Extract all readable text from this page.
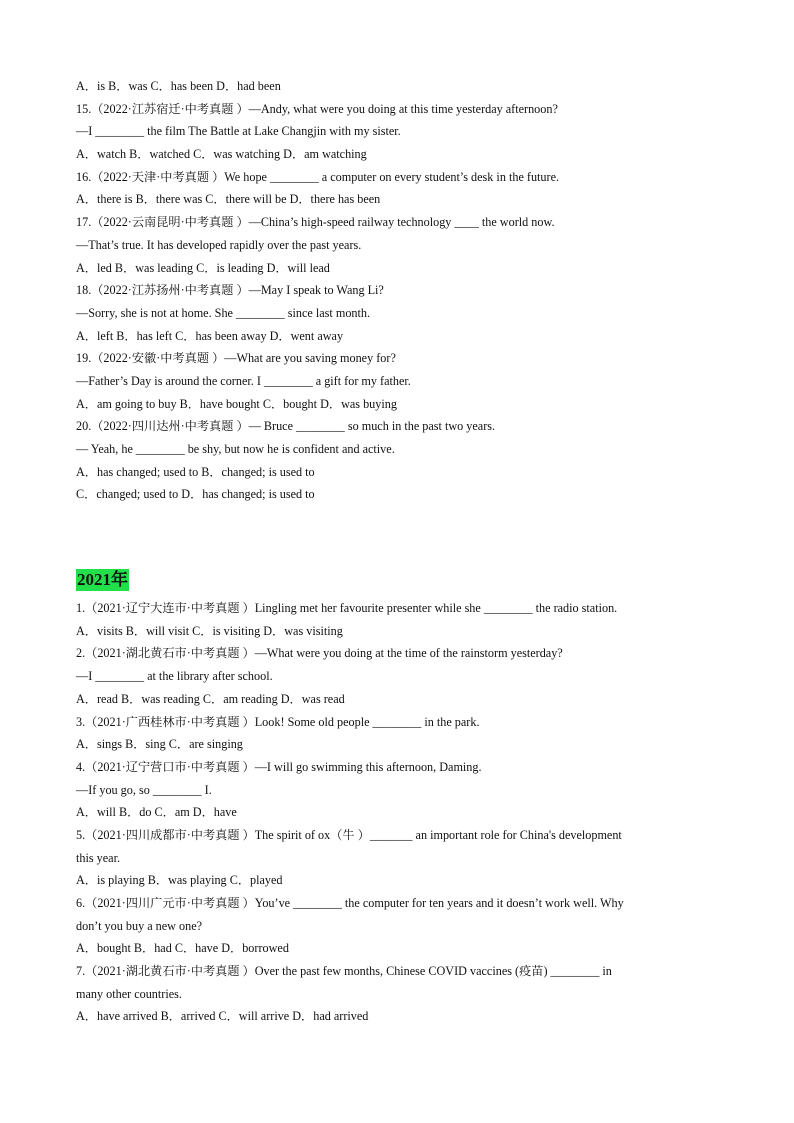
A．is B．was C．has been D．had been
15.（2022·江苏宿迁·中考真题 ）—Andy, what were you doing at this time yesterday afternoon?
—I ________ the film The Battle at Lake Changjin with my sister.
A．watch B．watched C．was watching D．am watching
16.（2022·天津·中考真题 ）We hope ________ a computer on every student’s desk in the future.
A．there is B．there was C．there will be D．there has been
17.（2022·云南昆明·中考真题 ）—China’s high-speed railway technology ____ the world now.
—That’s true. It has developed rapidly over the past years.
A．led B．was leading C．is leading D．will lead
18.（2022·江苏扬州·中考真题 ）—May I speak to Wang Li?
—Sorry, she is not at home. She ________ since last month.
A．left B．has left C．has been away D．went away
19.（2022·安徽·中考真题 ）—What are you saving money for?
—Father’s Day is around the corner. I ________ a gift for my father.
A．am going to buy B．have bought C．bought D．was buying
20.（2022·四川达州·中考真题 ）— Bruce ________ so much in the past two years.
— Yeah, he ________ be shy, but now he is confident and active.
A．has changed; used to B．changed; is used to
C．changed; used to D．has changed; is used to
2021年
1.（2021·辽宁大连市·中考真题 ）Lingling met her favourite presenter while she ________ the radio station.
A．visits B．will visit C．is visiting D．was visiting
2.（2021·湖北黄石市·中考真题 ）—What were you doing at the time of the rainstorm yesterday?
—I ________ at the library after school.
A．read B．was reading C．am reading D．was read
3.（2021·广西桂林市·中考真题 ）Look! Some old people ________ in the park.
A．sings B．sing C．are singing
4.（2021·辽宁营口市·中考真题 ）—I will go swimming this afternoon, Daming.
—If you go, so ________ I.
A．will B．do C．am D．have
5.（2021·四川成都市·中考真题 ）The spirit of ox（牛 ）_______ an important role for China's development
this year.
A．is playing B．was playing C．played
6.（2021·四川广元市·中考真题 ）You’ve ________ the computer for ten years and it doesn’t work well. Why
don’t you buy a new one?
A．bought B．had C．have D．borrowed
7.（2021·湖北黄石市·中考真题 ）Over the past few months, Chinese COVID vaccines (疫苗) ________ in
many other countries.
A．have arrived B．arrived C．will arrive D．had arrived
